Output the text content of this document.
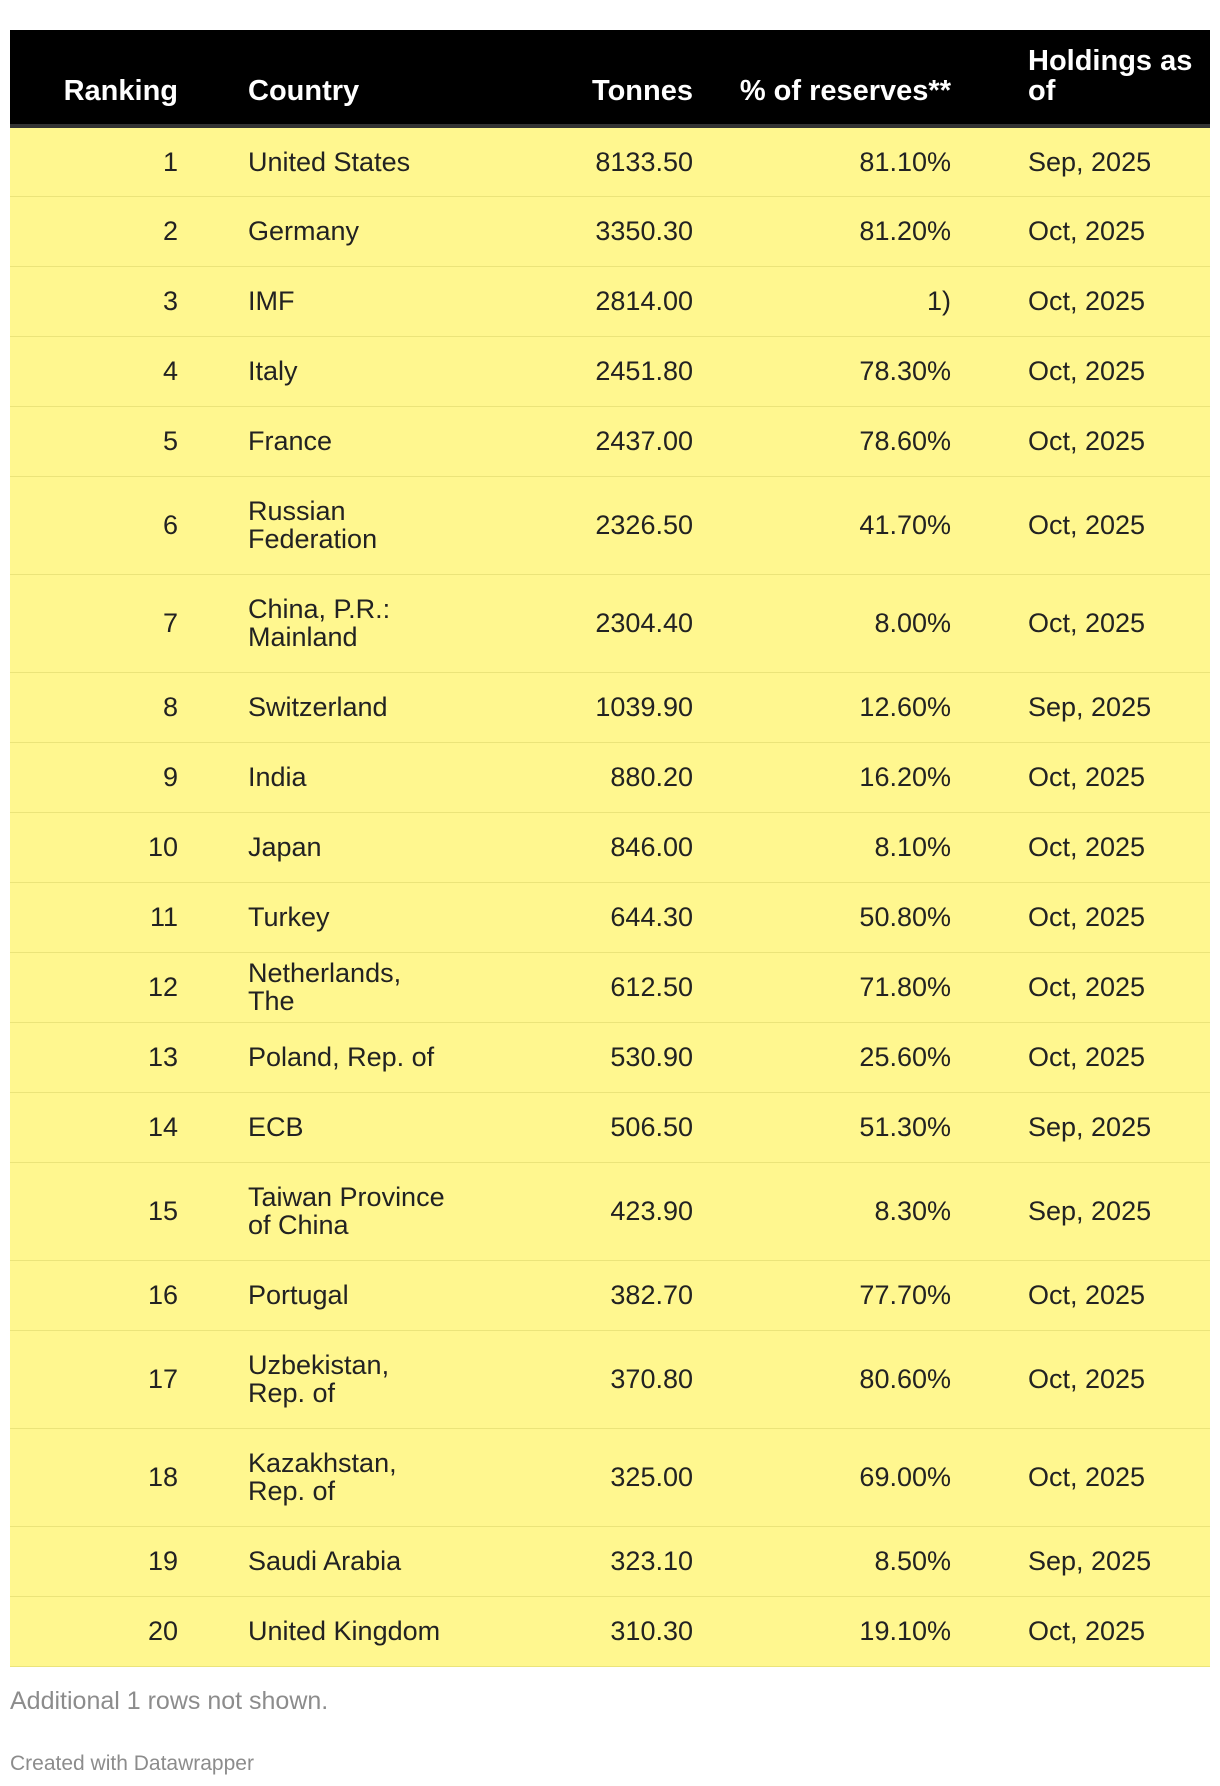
Ranking	Country	Tonnes	% of reserves**	Holdings as of
1	United States	8133.50	81.10%	Sep, 2025
2	Germany	3350.30	81.20%	Oct, 2025
3	IMF	2814.00	1)	Oct, 2025
4	Italy	2451.80	78.30%	Oct, 2025
5	France	2437.00	78.60%	Oct, 2025
6	Russian Federation	2326.50	41.70%	Oct, 2025
7	China, P.R.: Mainland	2304.40	8.00%	Oct, 2025
8	Switzerland	1039.90	12.60%	Sep, 2025
9	India	880.20	16.20%	Oct, 2025
10	Japan	846.00	8.10%	Oct, 2025
11	Turkey	644.30	50.80%	Oct, 2025
12	Netherlands, The	612.50	71.80%	Oct, 2025
13	Poland, Rep. of	530.90	25.60%	Oct, 2025
14	ECB	506.50	51.30%	Sep, 2025
15	Taiwan Province of China	423.90	8.30%	Sep, 2025
16	Portugal	382.70	77.70%	Oct, 2025
17	Uzbekistan, Rep. of	370.80	80.60%	Oct, 2025
18	Kazakhstan, Rep. of	325.00	69.00%	Oct, 2025
19	Saudi Arabia	323.10	8.50%	Sep, 2025
20	United Kingdom	310.30	19.10%	Oct, 2025
Additional 1 rows not shown.
Created with Datawrapper
